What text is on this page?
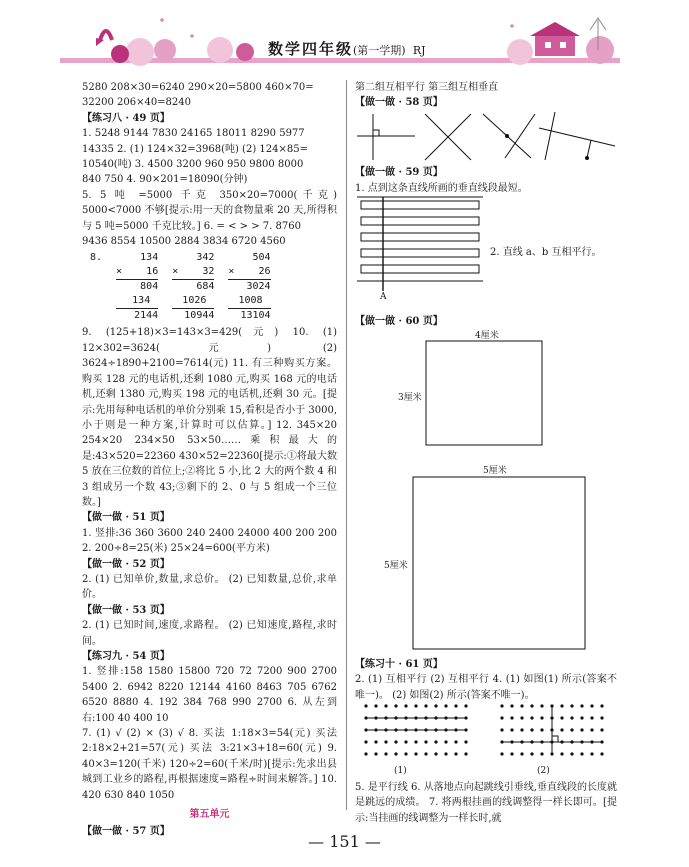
数学四年级(第一学期) RJ

5280 208×30=6240 290×20=5800 460×70=

32200 206×40=8240

【练习八 · 49 页】

1. 5248 9144 7830 24165 18011 8290 5977

14335 2. (1) 124×32=3968(吨) (2) 124×85=

10540(吨) 3. 4500 3200 960 950 9800 8000

840 750 4. 90×201=18090(分钟)

5. 5 吨 =5000 千克 350×20=7000(千克) 5000<7000 不够[提示:用一天的食物量乘 20 天,所得积与 5 吨=5000 千克比较。] 6. = < > > 7. 8760

9436 8554 10500 2884 3834 6720 4560

8.	134

× 16

804

134

2144

342

× 32

684

1026

10944

504

× 26

3024

1008

13104

9. (125+18)×3=143×3=429(元) 10. (1) 12×302=3624(元) (2) 3624÷1890+2100=7614(元) 11. 有三种购买方案。购买 128 元的电话机,还剩 1080 元,购买 168 元的电话机,还剩 1380 元,购买 198 元的电话机,还剩 30 元。[提示:先用每种电话机的单价分别乘 15,看积是否小于 3000,小于则是一种方案,计算时可以估算。] 12. 345×20 254×20 234×50 53×50……乘积最大的是:43×520=22360 430×52=22360[提示:①将最大数 5 放在三位数的首位上;②将比 5 小,比 2 大的两个数 4 和 3 组成另一个数 43;③剩下的 2、0 与 5 组成一个三位数。]

【做一做 · 51 页】

1. 竖排:36 360 3600 240 2400 24000 400 200 200 2. 200÷8=25(米) 25×24=600(平方米)

【做一做 · 52 页】

2. (1) 已知单价,数量,求总价。 (2) 已知数量,总价,求单价。

【做一做 · 53 页】

2. (1) 已知时间,速度,求路程。 (2) 已知速度,路程,求时间。

【练习九 · 54 页】

1. 竖排:158 1580 15800 720 72 7200 900 2700 5400 2. 6942 8220 12144 4160 8463 705 6762 6520 8880 4. 192 384 768 990 2700 6. 从左到右:100 40 400 10

7. (1) √ (2) × (3) √ 8. 买法 1:18×3=54(元) 买法 2:18×2+21=57(元) 买法 3:21×3+18=60(元) 9. 40×3=120(千米) 120÷2=60(千米/时)[提示:先求出县城到工业乡的路程,再根据速度=路程÷时间来解答。] 10. 420 630 840 1050

第五单元

【做一做 · 57 页】

第二组互相平行 第三组互相垂直

【做一做 · 58 页】

【做一做 · 59 页】

1. 点到这条直线所画的垂直线段最短。

A

2. 直线 a、b 互相平行。

【做一做 · 60 页】

4厘米
3厘米
5厘米
5厘米

【练习十 · 61 页】

2. (1) 互相平行 (2) 互相平行 4. (1) 如图(1) 所示(答案不唯一)。 (2) 如图(2) 所示(答案不唯一)。

(1)	(2)

5. 是平行线 6. 从落地点向起跳线引垂线,垂直线段的长度就是跳远的成绩。 7. 将两根挂画的线调整得一样长即可。[提示:当挂画的线调整为一样长时,就

— 151 —
